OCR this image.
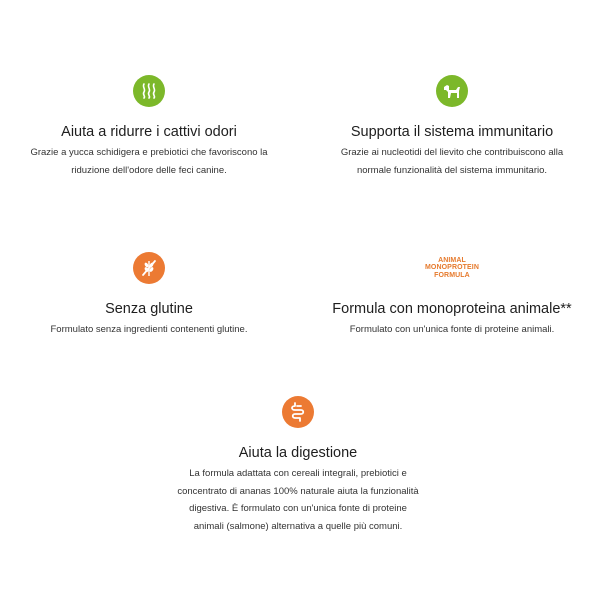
Aiuta a ridurre i cattivi odori
Grazie a yucca schidigera e prebiotici che favoriscono la
riduzione dell'odore delle feci canine.
Supporta il sistema immunitario
Grazie ai nucleotidi del lievito che contribuiscono alla
normale funzionalità del sistema immunitario.
Senza glutine
Formulato senza ingredienti contenenti glutine.
ANIMAL
MONOPROTEIN
FORMULA
Formula con monoproteina animale**
Formulato con un'unica fonte di proteine animali.
Aiuta la digestione
La formula adattata con cereali integrali, prebiotici e
concentrato di ananas 100% naturale aiuta la funzionalità
digestiva. È formulato con un'unica fonte di proteine
animali (salmone) alternativa a quelle più comuni.
